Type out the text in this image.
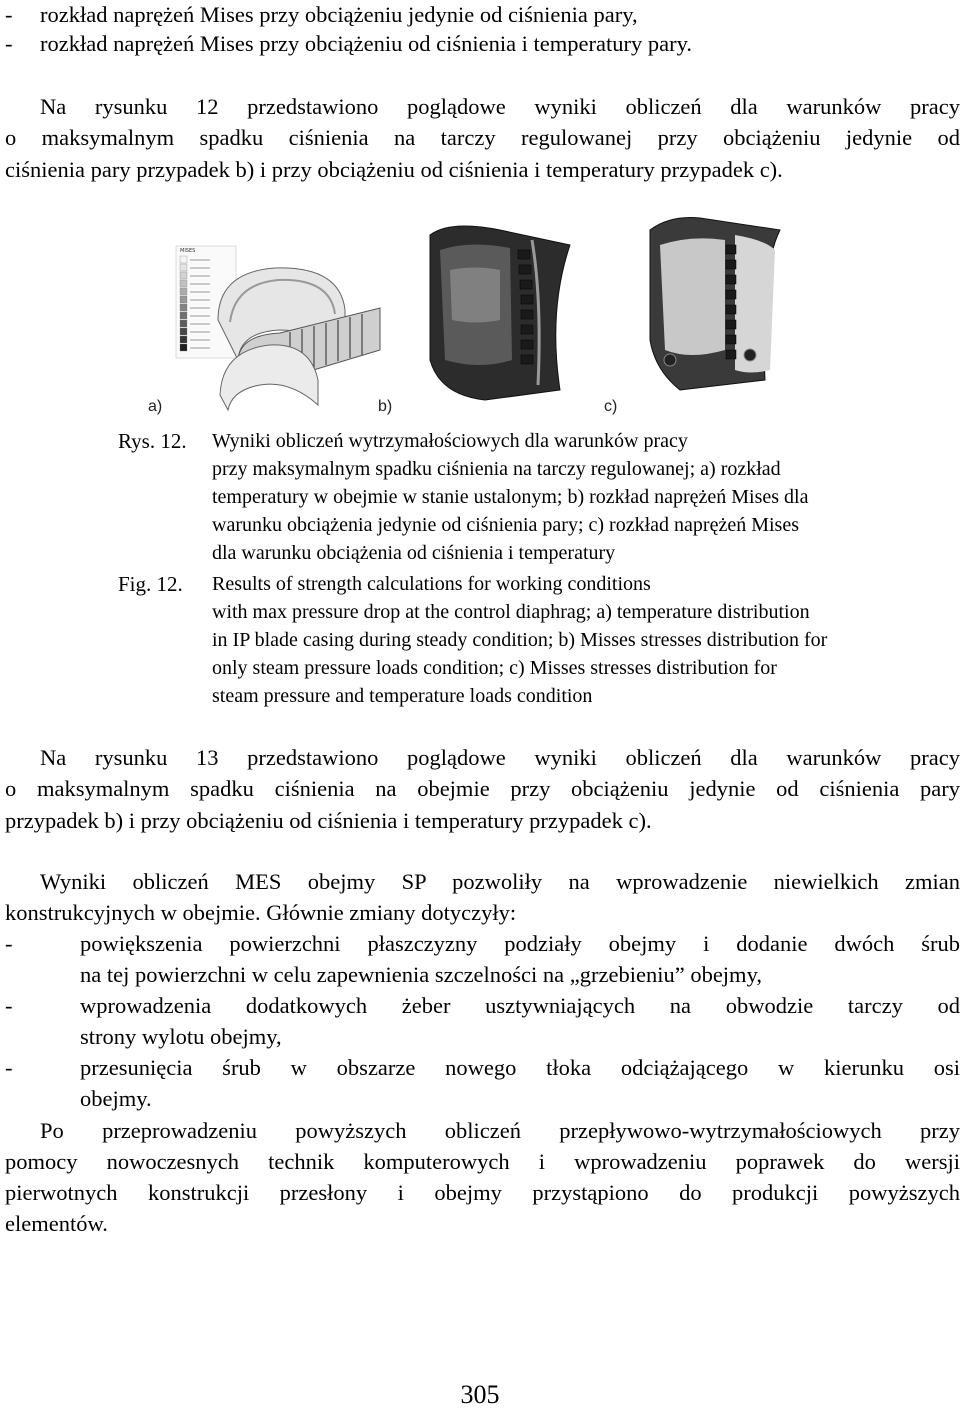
- rozkład naprężeń Mises przy obciążeniu jedynie od ciśnienia pary,
- rozkład naprężeń Mises przy obciążeniu od ciśnienia i temperatury pary.
Na rysunku 12 przedstawiono poglądowe wyniki obliczeń dla warunków pracy
o maksymalnym spadku ciśnienia na tarczy regulowanej przy obciążeniu jedynie od
ciśnienia pary przypadek b) i przy obciążeniu od ciśnienia i temperatury przypadek c).
MISES
a)	b)	c)
Rys. 12. Wyniki obliczeń wytrzymałościowych dla warunków pracy
przy maksymalnym spadku ciśnienia na tarczy regulowanej; a) rozkład
temperatury w obejmie w stanie ustalonym; b) rozkład naprężeń Mises dla
warunku obciążenia jedynie od ciśnienia pary; c) rozkład naprężeń Mises
dla warunku obciążenia od ciśnienia i temperatury
Fig. 12. Results of strength calculations for working conditions
with max pressure drop at the control diaphrag; a) temperature distribution
in IP blade casing during steady condition; b) Misses stresses distribution for
only steam pressure loads condition; c) Misses stresses distribution for
steam pressure and temperature loads condition
Na rysunku 13 przedstawiono poglądowe wyniki obliczeń dla warunków pracy
o maksymalnym spadku ciśnienia na obejmie przy obciążeniu jedynie od ciśnienia pary
przypadek b) i przy obciążeniu od ciśnienia i temperatury przypadek c).
Wyniki obliczeń MES obejmy SP pozwoliły na wprowadzenie niewielkich zmian
konstrukcyjnych w obejmie. Głównie zmiany dotyczyły:
-	powiększenia powierzchni płaszczyzny podziały obejmy i dodanie dwóch śrub
na tej powierzchni w celu zapewnienia szczelności na „grzebieniu” obejmy,
-	wprowadzenia dodatkowych żeber usztywniających na obwodzie tarczy od
strony wylotu obejmy,
-	przesunięcia śrub w obszarze nowego tłoka odciążającego w kierunku osi
obejmy.
Po przeprowadzeniu powyższych obliczeń przepływowo-wytrzymałościowych przy
pomocy nowoczesnych technik komputerowych i wprowadzeniu poprawek do wersji
pierwotnych konstrukcji przesłony i obejmy przystąpiono do produkcji powyższych
elementów.
305
